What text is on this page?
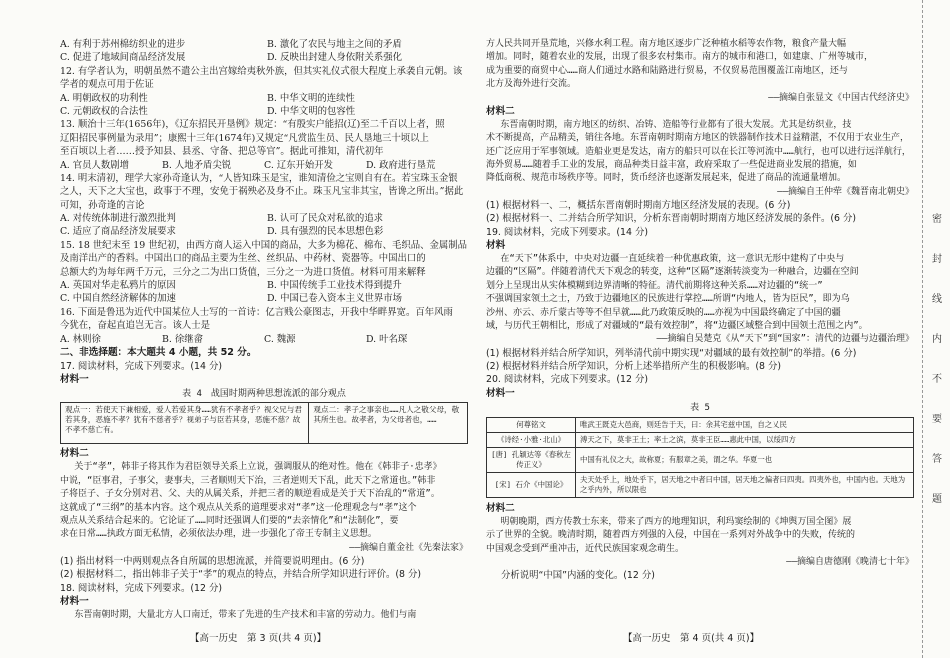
A. 有利于苏州棉纺织业的进步	B. 激化了农民与地主之间的矛盾
C. 促进了地域间商品经济发展	D. 反映出封建人身依附关系强化
12. 有学者认为，明朝虽然不遣公主出宫嫁给夷秋外族，但其实礼仪式很大程度上承袭自元朝。该
学者的观点可用于佐证
A. 明朝政权的功利性	B. 中华文明的连续性
C. 元朝政权的合法性	D. 中华文明的包容性
13. 顺治十三年(1656年)，《辽东招民开垦例》规定：“有殷实户能招(辽)至二千百以上者，照
辽阳招民事例量为录用”；康熙十三年(1674年)又规定“凡赏监生员、民人垦地三十顷以上
至百顷以上者……授予知县、县丞、守备、把总等官”。据此可推知，清代初年
A. 官员人数剧增	B. 人地矛盾尖锐	C. 辽东开始开发	D. 政府进行垦荒
14. 明末清初，理学大家孙奇逢认为，“人皆知珠玉是宝，谁知清俭之宝则自有在。若宝珠玉金银
之人，天下之大宝也，政事于不理，安免于祸殃必及身不止。珠玉凡宝非其宝，皆谗之所出。”据此
可知，孙奇逢的言论
A. 对传统体制进行激烈批判	B. 认可了民众对私欲的追求
C. 适应了商品经济发展要求	D. 具有强烈的民本思想色彩
15. 18 世纪末至 19 世纪初，由西方商人运入中国的商品，大多为棉花、棉布、毛织品、金属制品
及南洋出产的香料。中国出口的商品主要为生丝、丝织品、中药材、瓷器等。中国出口的
总额大约为每年两千万元，三分之二为出口货值，三分之一为进口货值。材料可用来解释
A. 英国对华走私鸦片的原因	B. 中国传统手工业技术得到提升
C. 中国自然经济解体的加速	D. 中国已卷入资本主义世界市场
16. 下面是鲁迅为近代中国某位人士写的一首诗：亿言贱公豪图志，开我中华畔界宽。百年风雨
今犹在，奋起直追岂无言。该人士是
A. 林则徐	B. 徐继畲	C. 魏源	D. 叶名琛
二、非选择题：本大题共 4 小题，共 52 分。
17. 阅读材料，完成下列要求。(14 分)
材料一
表 4　战国时期两种思想流派的部分观点
观点一：若使天下兼相爱，爱人若爱其身……犹有不孝者乎？视父兄与君若其身，恶施不孝？犹有不慈者乎？视弟子与臣若其身，恶施不慈？故不孝不慈亡有。
观点二：孝子之事亲也……凡人之敬父母，敬其所生也。故孝者，为父母者也，……
材料二
关于“孝”，韩非子将其作为君臣领导关系上立说，强调服从的绝对性。他在《韩非子·忠孝》
中说，“臣事君，子事父，妻事夫，三者顺则天下治，三者逆则天下乱，此天下之常道也。”韩非
子将臣子、子女分别对君、父、夫的从属关系，并把三者的顺逆看成是关于天下治乱的“常道”。
这就成了“三纲”的基本内容。这个观点从关系的道理要求对“孝”这一伦理观念与“孝”这个
观点从关系结合起来的。它论证了……同时还强调人们要的“去亲情化”和“法制化”，要
求在日常……执政方面无私情，必须依法办理，进一步强化了帝王专制主义思想。
——摘编自董金社《先秦法家》
(1) 指出材料一中两则观点各自所属的思想流派，并简要说明理由。(6 分)
(2) 根据材料二，指出韩非子关于“孝”的观点的特点，并结合所学知识进行评价。(8 分)
18. 阅读材料，完成下列要求。(12 分)
材料一
东晋南朝时期，大量北方人口南迁，带来了先进的生产技术和丰富的劳动力。他们与南
【高一历史　第 3 页(共 4 页)】
方人民共同开垦荒地，兴修水利工程。南方地区逐步广泛种植水稻等农作物，粮食产量大幅
增加。同时，随着农业的发展，出现了很多农村集市。南方的城市和港口，如建康、广州等城市，
成为重要的商贸中心……商人们通过水路和陆路进行贸易，不仅贸易范围覆盖江南地区，还与
北方及海外进行交流。
——摘编自张显文《中国古代经济史》
材料二
东晋南朝时期，南方地区的纺织、冶铸、造船等行业都有了很大发展。尤其是纺织业，技
术不断提高，产品精美，销往各地。东晋南朝时期南方地区的铁器制作技术日益精湛，不仅用于农业生产，
还广泛应用于军事领域。造船业更是发达，南方的船只可以在长江等河流中……航行，也可以进行远洋航行，
海外贸易……随着手工业的发展，商品种类日益丰富，政府采取了一些促进商业发展的措施，如
降低商税、规范市场秩序等。同时，货币经济也逐渐发展起来，促进了商品的流通量增加。
——摘编自王仲荦《魏晋南北朝史》
(1) 根据材料一、二，概括东晋南朝时期南方地区经济发展的表现。(6 分)
(2) 根据材料一、二并结合所学知识，分析东晋南朝时期南方地区经济发展的条件。(6 分)
19. 阅读材料，完成下列要求。(14 分)
材料
在“天下”体系中，中央对边疆一直延续着一种优惠政策，这一意识无形中建构了中央与
边疆的“区隔”。伴随着清代天下观念的转变，这种“区隔”逐渐转淡变为一种融合，边疆在空间
划分上呈现出从实体模糊到边界清晰的特征。清代前期将这种关系……对边疆的“统一”
不强调国家领土之士，乃致于边疆地区的民族进行掌控……所谓“内地人，皆为臣民”，即为乌
沙州、亦云、赤斤蒙古等等不但早就……此乃政策反映的……亦视为中国最终确定了中国的疆
域，与历代王朝相比，形成了对疆域的“最有效控制”，将“边疆区域整合到中国领土范围之内”。
——摘编自吴楚克《从“天下”到“国家”：清代的边疆与边疆治理》
(1) 根据材料并结合所学知识，列举清代前中期实现“对疆域的最有效控制”的举措。(6 分)
(2) 根据材料并结合所学知识，分析上述举措所产生的积极影响。(8 分)
20. 阅读材料，完成下列要求。(12 分)
材料一
表 5
何尊铭文	唯武王既克大邑商，则廷告于天，曰：余其宅兹中国，自之乂民
《诗经·小雅·北山》	溥天之下，莫非王土；率土之滨，莫非王臣……惠此中国，以绥四方
[唐] 孔颖达等《春秋左传正义》	中国有礼仪之大，故称夏；有服章之美，谓之华。华夏一也
[宋] 石介《中国论》	夫天处乎上，地处乎下，居天地之中者曰中国，居天地之偏者曰四夷。四夷外也，中国内也。天地为之乎内外，所以限也
材料二
明朝晚期，西方传教士东来，带来了西方的地理知识，利玛窦绘制的《坤舆万国全图》展
示了世界的全貌。晚清时期，随着西方列强的入侵，中国在一系列对外战争中的失败，传统的
中国观念受到严重冲击，近代民族国家观念萌生。
——摘编自唐德刚《晚清七十年》
分析说明“中国”内涵的变化。(12 分)
【高一历史　第 4 页(共 4 页)】
密
封
线
内
不
要
答
题
